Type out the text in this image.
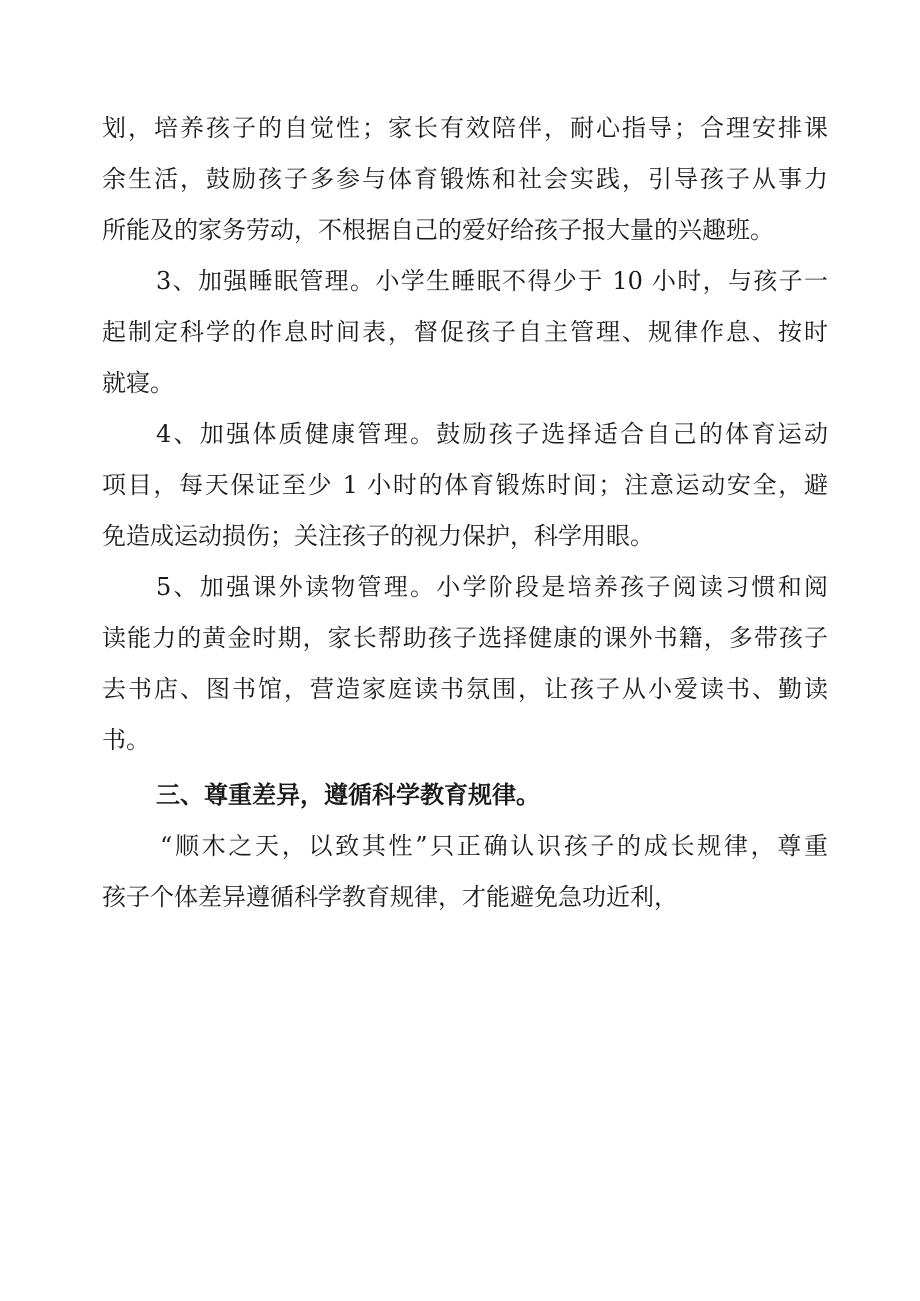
划，培养孩子的自觉性；家长有效陪伴，耐心指导；合理安排课
余生活，鼓励孩子多参与体育锻炼和社会实践，引导孩子从事力
所能及的家务劳动，不根据自己的爱好给孩子报大量的兴趣班。
3、加强睡眠管理。小学生睡眠不得少于 10 小时，与孩子一
起制定科学的作息时间表，督促孩子自主管理、规律作息、按时
就寝。
4、加强体质健康管理。鼓励孩子选择适合自己的体育运动
项目，每天保证至少 1 小时的体育锻炼时间；注意运动安全，避
免造成运动损伤；关注孩子的视力保护，科学用眼。
5、加强课外读物管理。小学阶段是培养孩子阅读习惯和阅
读能力的黄金时期，家长帮助孩子选择健康的课外书籍，多带孩子
去书店、图书馆，营造家庭读书氛围，让孩子从小爱读书、勤读
书。
三、尊重差异，遵循科学教育规律。
“顺木之天，以致其性”只正确认识孩子的成长规律，尊重
孩子个体差异遵循科学教育规律，才能避免急功近利，
